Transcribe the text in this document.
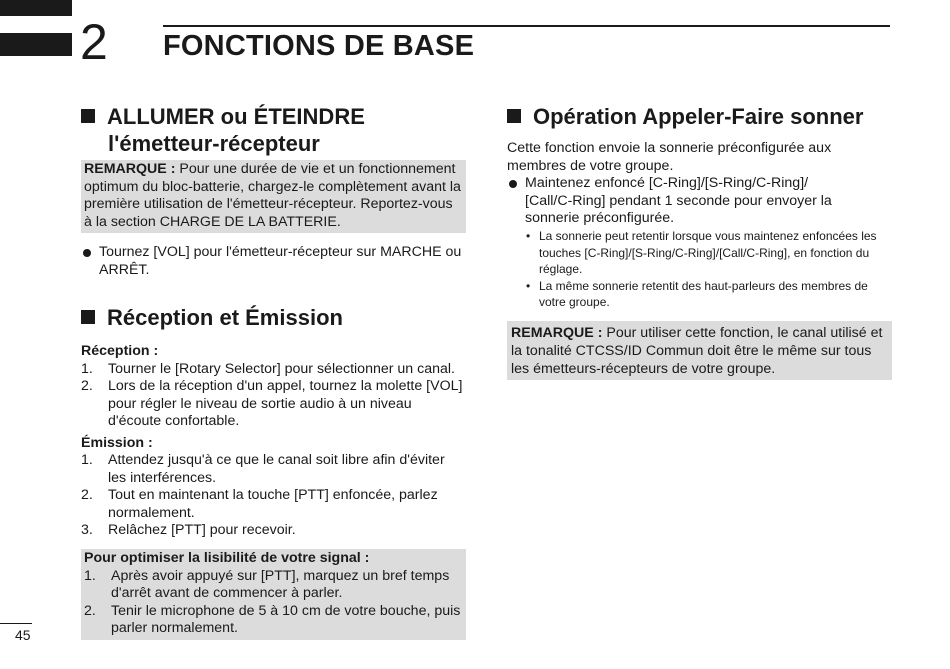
2 FONCTIONS DE BASE
ALLUMER ou ÉTEINDRE
l'émetteur-récepteur
REMARQUE : Pour une durée de vie et un fonctionnement optimum du bloc-batterie, chargez-le complètement avant la première utilisation de l'émetteur-récepteur. Reportez-vous à la section CHARGE DE LA BATTERIE.
Tournez [VOL] pour l'émetteur-récepteur sur MARCHE ou ARRÊT.
Réception et Émission
Réception :
1. Tourner le [Rotary Selector] pour sélectionner un canal.
2. Lors de la réception d'un appel, tournez la molette [VOL] pour régler le niveau de sortie audio à un niveau d'écoute confortable.
Émission :
1. Attendez jusqu'à ce que le canal soit libre afin d'éviter les interférences.
2. Tout en maintenant la touche [PTT] enfoncée, parlez normalement.
3. Relâchez [PTT] pour recevoir.
Pour optimiser la lisibilité de votre signal :
1. Après avoir appuyé sur [PTT], marquez un bref temps d'arrêt avant de commencer à parler.
2. Tenir le microphone de 5 à 10 cm de votre bouche, puis parler normalement.
Opération Appeler-Faire sonner
Cette fonction envoie la sonnerie préconfigurée aux membres de votre groupe.
Maintenez enfoncé [C-Ring]/[S-Ring/C-Ring]/ [Call/C-Ring] pendant 1 seconde pour envoyer la sonnerie préconfigurée.
• La sonnerie peut retentir lorsque vous maintenez enfoncées les touches [C-Ring]/[S-Ring/C-Ring]/[Call/C-Ring], en fonction du réglage.
• La même sonnerie retentit des haut-parleurs des membres de votre groupe.
REMARQUE : Pour utiliser cette fonction, le canal utilisé et la tonalité CTCSS/ID Commun doit être le même sur tous les émetteurs-récepteurs de votre groupe.
45
